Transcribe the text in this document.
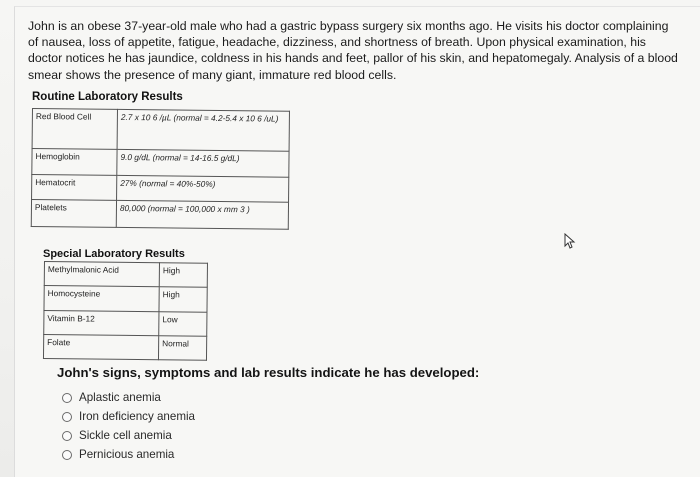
John is an obese 37-year-old male who had a gastric bypass surgery six months ago. He visits his doctor complaining of nausea, loss of appetite, fatigue, headache, dizziness, and shortness of breath. Upon physical examination, his doctor notices he has jaundice, coldness in his hands and feet, pallor of his skin, and hepatomegaly. Analysis of a blood smear shows the presence of many giant, immature red blood cells.
Routine Laboratory Results
Red Blood Cell	2.7 x 10 6 /µL (normal = 4.2-5.4 x 10 6 /uL)
Hemoglobin	9.0 g/dL (normal = 14-16.5 g/dL)
Hematocrit	27% (normal = 40%-50%)
Platelets	80,000 (normal = 100,000 x mm 3 )
Special Laboratory Results
Methylmalonic Acid	High
Homocysteine	High
Vitamin B-12	Low
Folate	Normal
John's signs, symptoms and lab results indicate he has developed:
Aplastic anemia
Iron deficiency anemia
Sickle cell anemia
Pernicious anemia
